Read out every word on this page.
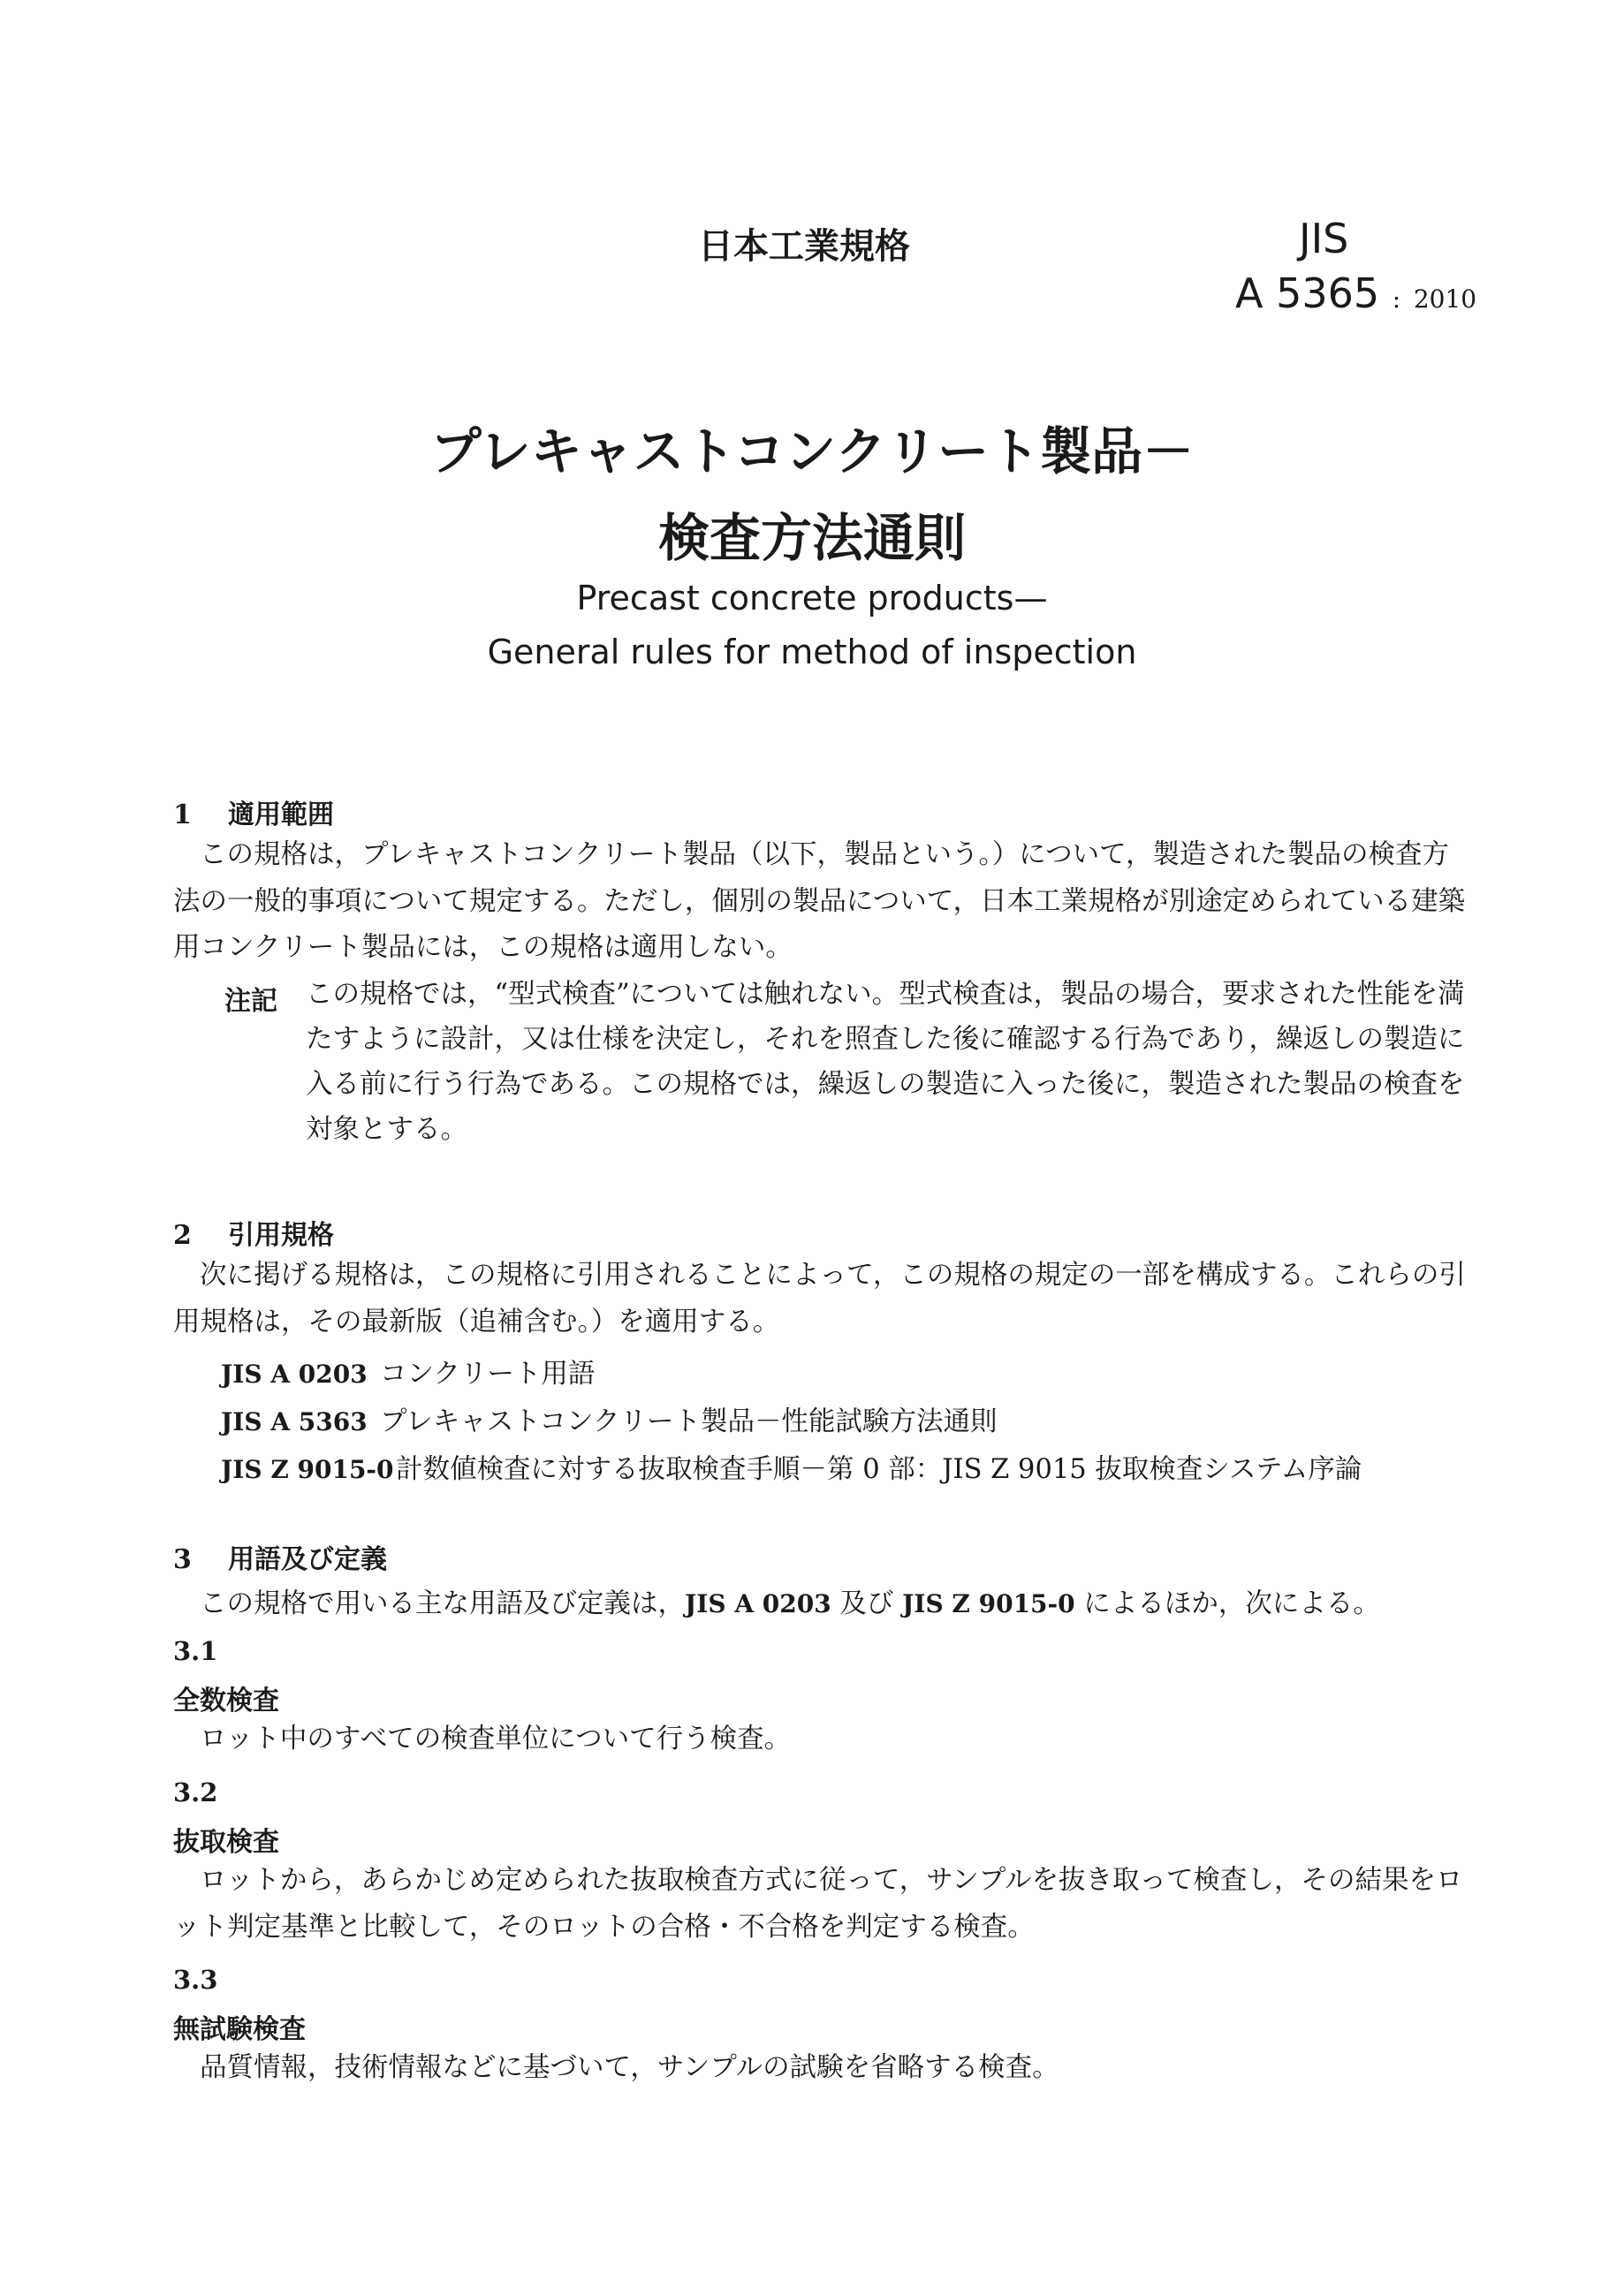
日本工業規格	JIS
A 5365 : 2010
プレキャストコンクリート製品－
検査方法通則
Precast concrete products—
General rules for method of inspection
1 適用範囲
この規格は，プレキャストコンクリート製品（以下，製品という。）について，製造された製品の検査方法の一般的事項について規定する。ただし，個別の製品について，日本工業規格が別途定められている建築用コンクリート製品には，この規格は適用しない。
注記 この規格では，“型式検査”については触れない。型式検査は，製品の場合，要求された性能を満たすように設計，又は仕様を決定し，それを照査した後に確認する行為であり，繰返しの製造に入る前に行う行為である。この規格では，繰返しの製造に入った後に，製造された製品の検査を対象とする。
2 引用規格
次に掲げる規格は，この規格に引用されることによって，この規格の規定の一部を構成する。これらの引用規格は，その最新版（追補含む。）を適用する。
JIS A 0203 コンクリート用語
JIS A 5363 プレキャストコンクリート製品－性能試験方法通則
JIS Z 9015-0計数値検査に対する抜取検査手順－第 0 部：JIS Z 9015 抜取検査システム序論
3 用語及び定義
この規格で用いる主な用語及び定義は，JIS A 0203 及び JIS Z 9015-0 によるほか，次による。
3.1
全数検査
ロット中のすべての検査単位について行う検査。
3.2
抜取検査
ロットから，あらかじめ定められた抜取検査方式に従って，サンプルを抜き取って検査し，その結果をロット判定基準と比較して，そのロットの合格・不合格を判定する検査。
3.3
無試験検査
品質情報，技術情報などに基づいて，サンプルの試験を省略する検査。
